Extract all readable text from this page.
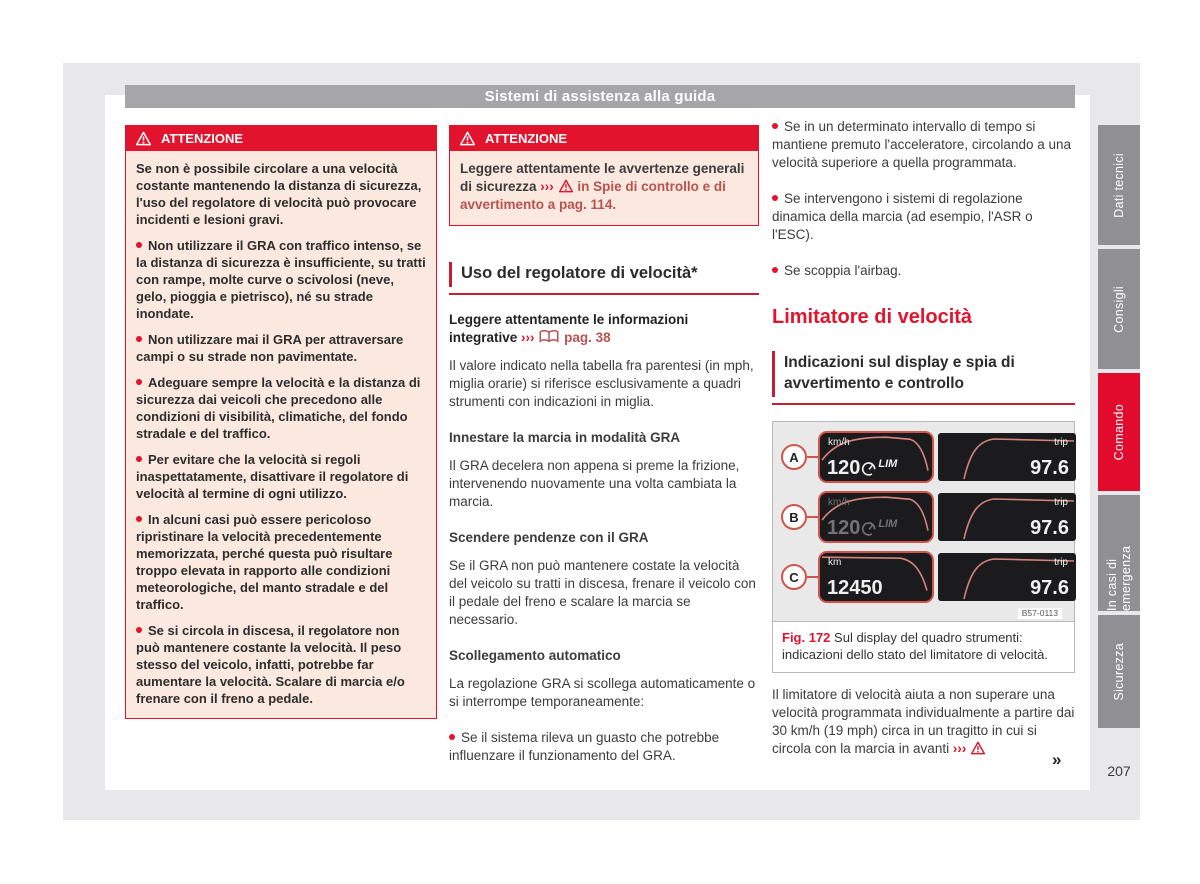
Sistemi di assistenza alla guida
ATTENZIONE

Se non è possibile circolare a una velocità costante mantenendo la distanza di sicurezza, l'uso del regolatore di velocità può provocare incidenti e lesioni gravi.

Non utilizzare il GRA con traffico intenso, se la distanza di sicurezza è insufficiente, su tratti con rampe, molte curve o scivolosi (neve, gelo, pioggia e pietrisco), né su strade inondate.

Non utilizzare mai il GRA per attraversare campi o su strade non pavimentate.

Adeguare sempre la velocità e la distanza di sicurezza dai veicoli che precedono alle condizioni di visibilità, climatiche, del fondo stradale e del traffico.

Per evitare che la velocità si regoli inaspettatamente, disattivare il regolatore di velocità al termine di ogni utilizzo.

In alcuni casi può essere pericoloso ripristinare la velocità precedentemente memorizzata, perché questa può risultare troppo elevata in rapporto alle condizioni meteorologiche, del manto stradale e del traffico.

Se si circola in discesa, il regolatore non può mantenere costante la velocità. Il peso stesso del veicolo, infatti, potrebbe far aumentare la velocità. Scalare di marcia e/o frenare con il freno a pedale.

ATTENZIONE

Leggere attentamente le avvertenze generali di sicurezza ››› in Spie di controllo e di avvertimento a pag. 114.

Uso del regolatore di velocità*

Leggere attentamente le informazioni integrative ››› pag. 38

Il valore indicato nella tabella fra parentesi (in mph, miglia orarie) si riferisce esclusivamente a quadri strumenti con indicazioni in miglia.

Innestare la marcia in modalità GRA

Il GRA decelera non appena si preme la frizione, intervenendo nuovamente una volta cambiata la marcia.

Scendere pendenze con il GRA

Se il GRA non può mantenere costate la velocità del veicolo su tratti in discesa, frenare il veicolo con il pedale del freno e scalare la marcia se necessario.

Scollegamento automatico

La regolazione GRA si scollega automaticamente o si interrompe temporaneamente:

Se il sistema rileva un guasto che potrebbe influenzare il funzionamento del GRA.

Se in un determinato intervallo di tempo si mantiene premuto l'acceleratore, circolando a una velocità superiore a quella programmata.

Se intervengono i sistemi di regolazione dinamica della marcia (ad esempio, l'ASR o l'ESC).

Se scoppia l'airbag.

Limitatore di velocità
Indicazioni sul display e spia di avvertimento e controllo
A
km/h
120 LIM
trip
97.6
B
km/h
120 LIM
trip
97.6
C
km
12450
trip
97.6
B57-0113
Fig. 172 Sul display del quadro strumenti: indicazioni dello stato del limitatore di velocità.

Il limitatore di velocità aiuta a non superare una velocità programmata individualmente a partire dai 30 km/h (19 mph) circa in un tragitto in cui si circola con la marcia in avanti ›››

»
207
Dati tecnici
Consigli
Comando
In casi di emergenza
Sicurezza
